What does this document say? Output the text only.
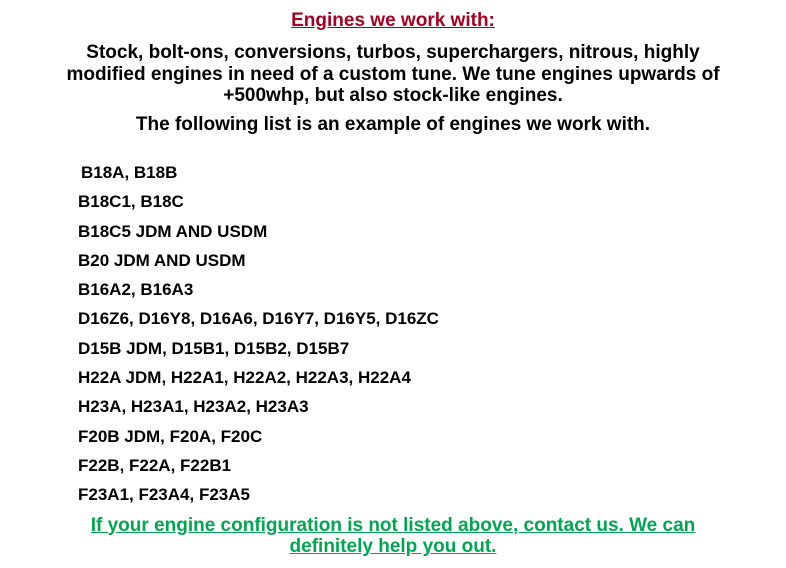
Engines we work with:
Stock, bolt-ons, conversions, turbos, superchargers, nitrous, highly
modified engines in need of a custom tune. We tune engines upwards of
+500whp, but also stock-like engines.
The following list is an example of engines we work with.
B18A, B18B
B18C1, B18C
B18C5 JDM AND USDM
B20 JDM AND USDM
B16A2, B16A3
D16Z6, D16Y8, D16A6, D16Y7, D16Y5, D16ZC
D15B JDM, D15B1, D15B2, D15B7
H22A JDM, H22A1, H22A2, H22A3, H22A4
H23A, H23A1, H23A2, H23A3
F20B JDM, F20A, F20C
F22B, F22A, F22B1
F23A1, F23A4, F23A5
If your engine configuration is not listed above, contact us. We can
definitely help you out.
